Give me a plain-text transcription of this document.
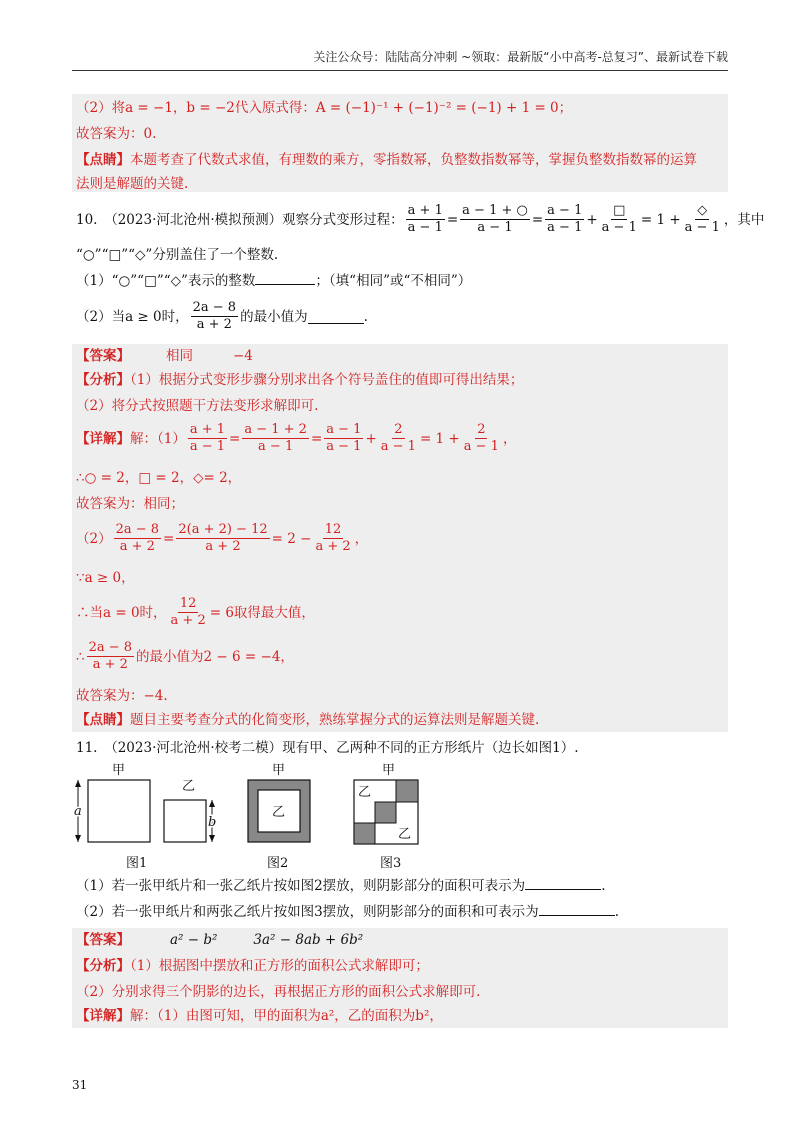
关注公众号：陆陆高分冲刺 ~领取：最新版“小中高考-总复习”、最新试卷下载
（2）将a = −1，b = −2代入原式得：A = (−1)⁻¹ + (−1)⁻² = (−1) + 1 = 0；
故答案为：0.
【点睛】本题考查了代数式求值，有理数的乘方，零指数幂，负整数指数幂等，掌握负整数指数幂的运算
法则是解题的关键.
10.　（2023·河北沧州·模拟预测）观察分式变形过程： $\frac{a + 1}{a - 1} = \frac{a - 1 + ○}{a - 1} = \frac{a - 1}{a - 1} + \frac{□}{a - 1} = 1 + \frac{◇}{a - 1}$ ，其中
“○”“□”“◇”分别盖住了一个整数.
（1）“○”“□”“◇”表示的整数	；（填“相同”或“不相同”）
（2）当a ≥ 0时， $\frac{2a - 8}{a + 2}$ 的最小值为	.
【答案】	相同	−4
【分析】（1）根据分式变形步骤分别求出各个符号盖住的值即可得出结果；
（2）将分式按照题干方法变形求解即可.
【详解】 解：$(1) \frac{a + 1}{a - 1} = \frac{a - 1 + 2}{a - 1} = \frac{a - 1}{a - 1} + \frac{2}{a - 1} = 1 + \frac{2}{a - 1}$ ，
∴○ = 2，□ = 2，◇= 2，
故答案为：相同；
$(2) \frac{2a - 8}{a + 2} = \frac{2(a + 2) - 12}{a + 2} = 2 - \frac{12}{a + 2}$ ，
∵a ≥ 0，
∴当a = 0时， $\frac{12}{a + 2} = 6$取得最大值，
∴ $\frac{2a - 8}{a + 2}$ 的最小值为2 − 6 = −4，
故答案为：−4.
【点睛】题目主要考查分式的化简变形，熟练掌握分式的运算法则是解题关键.
11.　（2023·河北沧州·校考二模）现有甲、乙两种不同的正方形纸片（边长如图1）.
甲
a
乙
b
甲
乙
甲
乙
乙
图1	图2	图3
（1）若一张甲纸片和一张乙纸片按如图2摆放，则阴影部分的面积可表示为	.
（2）若一张甲纸片和两张乙纸片按如图3摆放，则阴影部分的面积和可表示为	.
【答案】	a² − b²	3a² − 8ab + 6b²
【分析】（1）根据图中摆放和正方形的面积公式求解即可；
（2）分别求得三个阴影的边长，再根据正方形的面积公式求解即可.
【详解】解：（1）由图可知，甲的面积为a²，乙的面积为b²，
31
